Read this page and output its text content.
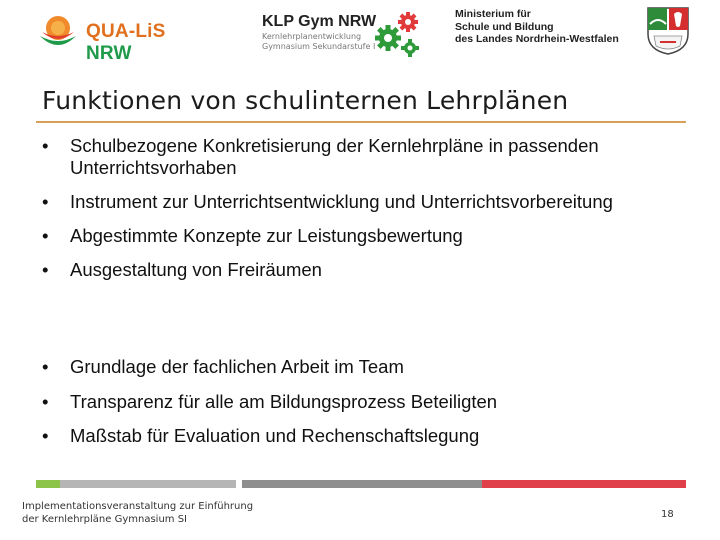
QUA-LiS NRW
KLP Gym NRW
Kernlehrplanentwicklung
Gymnasium Sekundarstufe I
Ministerium für
Schule und Bildung
des Landes Nordrhein-Westfalen
Funktionen von schulinternen Lehrplänen
• Schulbezogene Konkretisierung der Kernlehrpläne in passenden Unterrichtsvorhaben
• Instrument zur Unterrichtsentwicklung und Unterrichtsvorbereitung
• Abgestimmte Konzepte zur Leistungsbewertung
• Ausgestaltung von Freiräumen
• Grundlage der fachlichen Arbeit im Team
• Transparenz für alle am Bildungsprozess Beteiligten
• Maßstab für Evaluation und Rechenschaftslegung
Implementationsveranstaltung zur Einführung
der Kernlehrpläne Gymnasium SI	18
